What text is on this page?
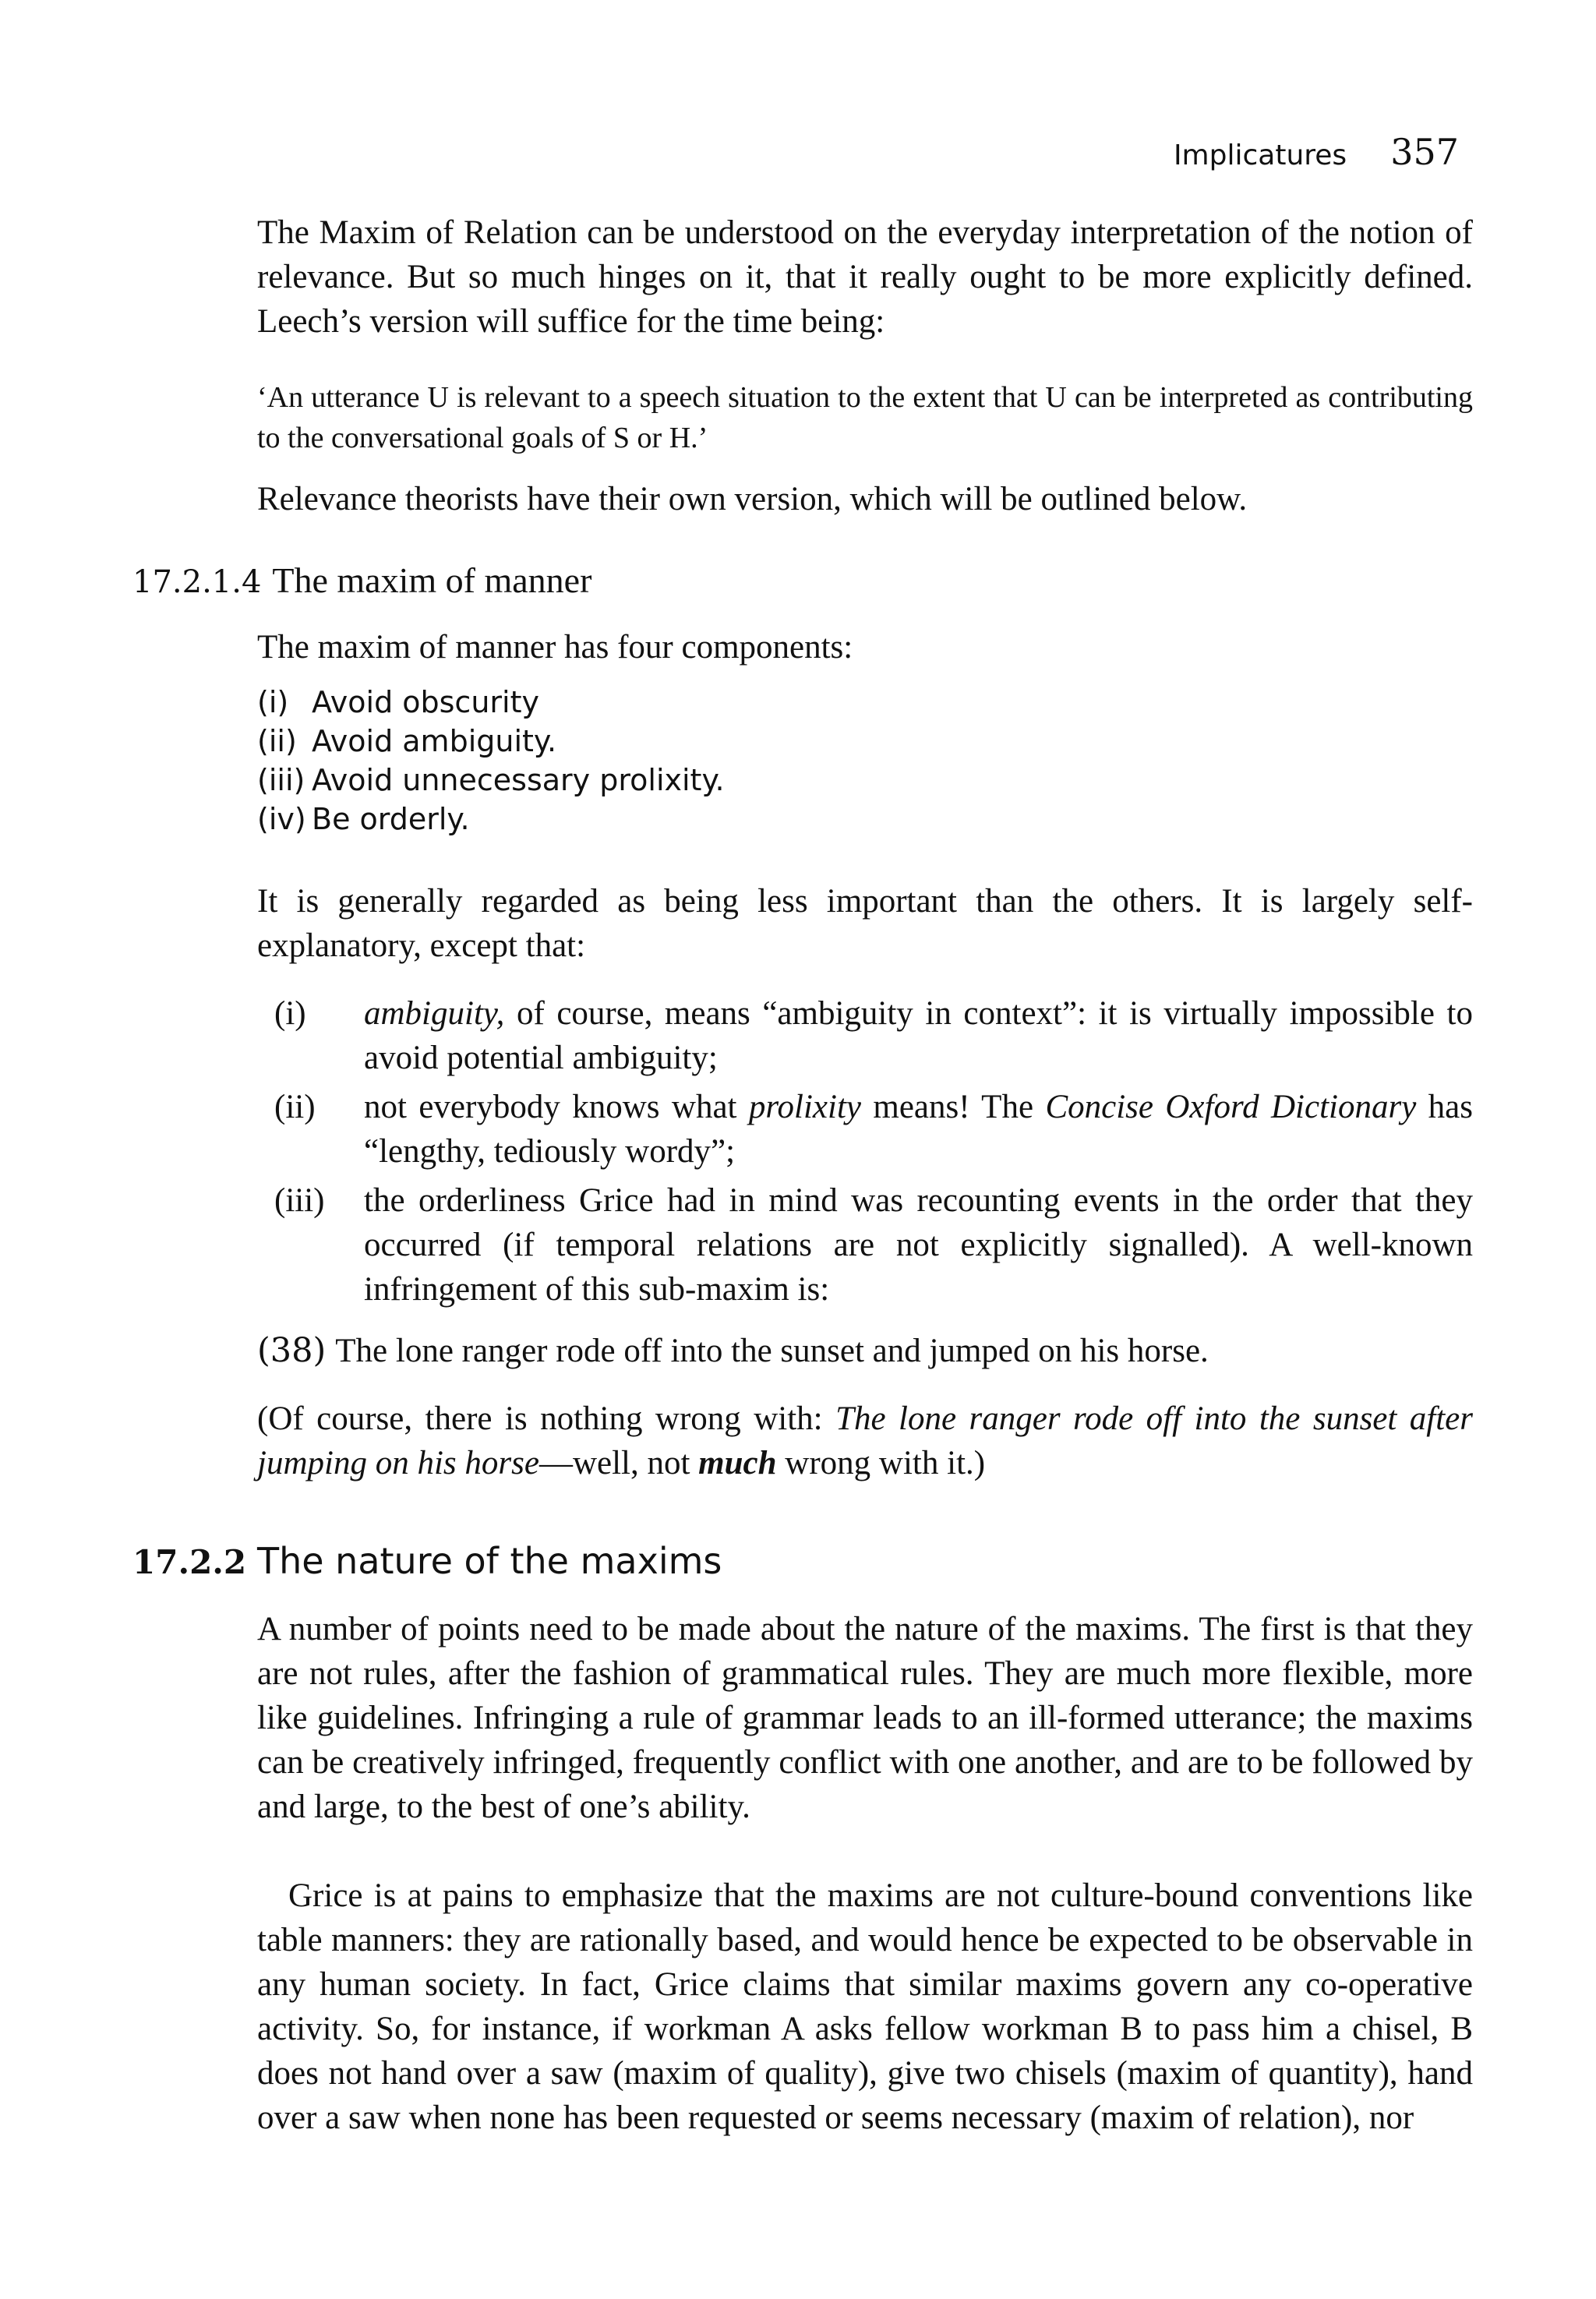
Implicatures 357

The Maxim of Relation can be understood on the everyday interpretation of the notion of relevance. But so much hinges on it, that it really ought to be more explicitly defined. Leech’s version will suffice for the time being:

‘An utterance U is relevant to a speech situation to the extent that U can be interpreted as contributing to the conversational goals of S or H.’

Relevance theorists have their own version, which will be outlined below.

17.2.1.4 The maxim of manner

The maxim of manner has four components:

(i) Avoid obscurity
(ii) Avoid ambiguity.
(iii) Avoid unnecessary prolixity.
(iv) Be orderly.

It is generally regarded as being less important than the others. It is largely self-explanatory, except that:

(i)	ambiguity, of course, means “ambiguity in context”: it is virtually impossible to avoid potential ambiguity;
(ii)	not everybody knows what prolixity means! The Concise Oxford Dictionary has “lengthy, tediously wordy”;
(iii)	the orderliness Grice had in mind was recounting events in the order that they occurred (if temporal relations are not explicitly signalled). A well-known infringement of this sub-maxim is:
(38) The lone ranger rode off into the sunset and jumped on his horse.

(Of course, there is nothing wrong with: The lone ranger rode off into the sunset after jumping on his horse—well, not much wrong with it.)

17.2.2 The nature of the maxims

A number of points need to be made about the nature of the maxims. The first is that they are not rules, after the fashion of grammatical rules. They are much more flexible, more like guidelines. Infringing a rule of grammar leads to an ill-formed utterance; the maxims can be creatively infringed, frequently conflict with one another, and are to be followed by and large, to the best of one’s ability.

Grice is at pains to emphasize that the maxims are not culture-bound conventions like table manners: they are rationally based, and would hence be expected to be observable in any human society. In fact, Grice claims that similar maxims govern any co-operative activity. So, for instance, if workman A asks fellow workman B to pass him a chisel, B does not hand over a saw (maxim of quality), give two chisels (maxim of quantity), hand over a saw when none has been requested or seems necessary (maxim of relation), nor
